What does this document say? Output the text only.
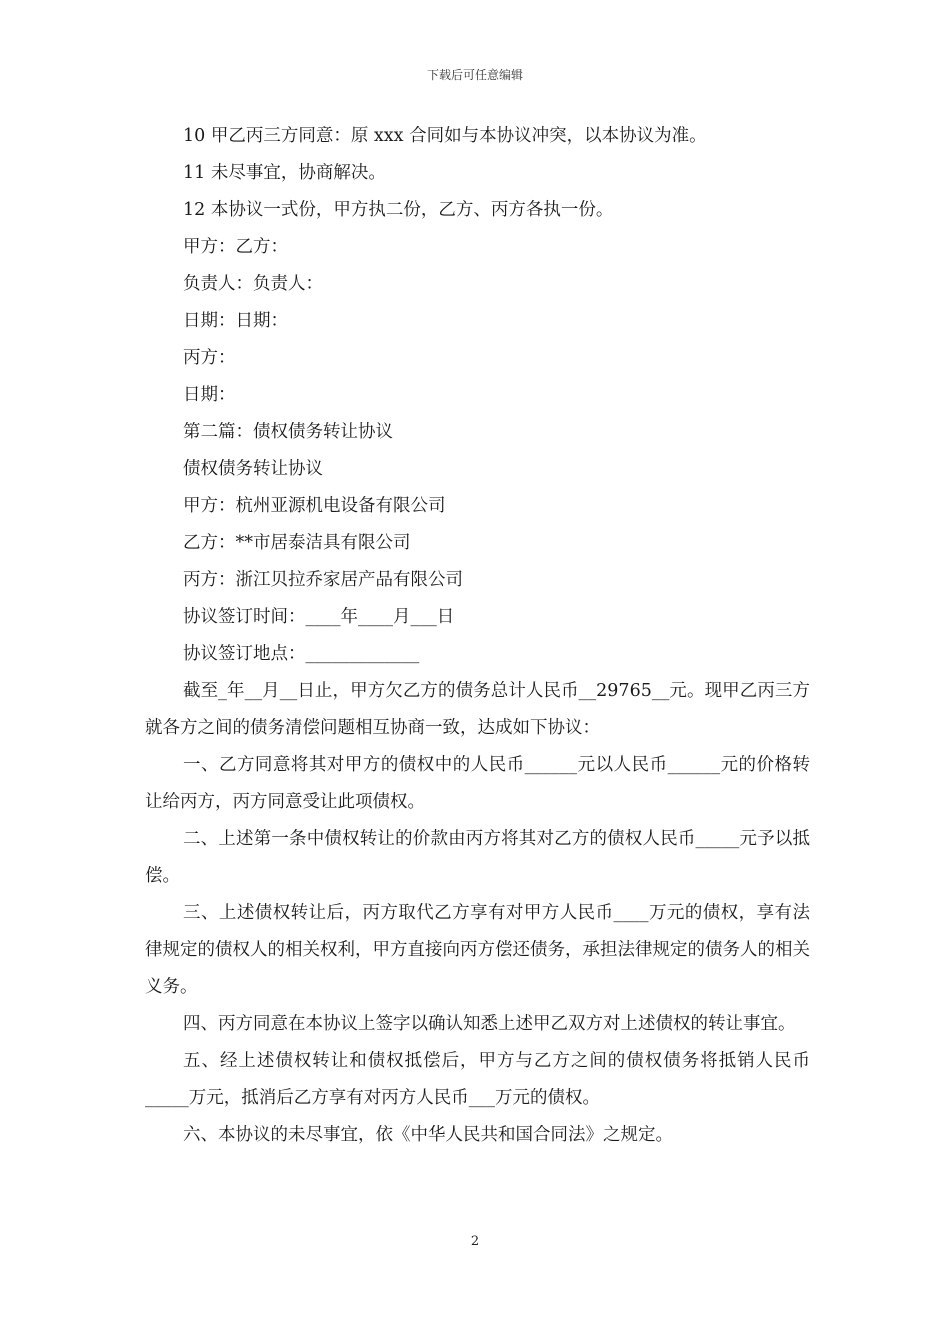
下载后可任意编辑
10 甲乙丙三方同意：原 xxx 合同如与本协议冲突，以本协议为准。
11 未尽事宜，协商解决。
12 本协议一式份，甲方执二份，乙方、丙方各执一份。
甲方：乙方：
负责人：负责人：
日期：日期：
丙方：
日期：
第二篇：债权债务转让协议
债权债务转让协议
甲方：杭州亚源机电设备有限公司
乙方：**市居泰洁具有限公司
丙方：浙江贝拉乔家居产品有限公司
协议签订时间：____年____月___日
协议签订地点：_____________

截至_年__月__日止，甲方欠乙方的债务总计人民币__29765__元。现甲乙丙三方就各方之间的债务清偿问题相互协商一致，达成如下协议：

一、乙方同意将其对甲方的债权中的人民币______元以人民币______元的价格转让给丙方，丙方同意受让此项债权。

二、上述第一条中债权转让的价款由丙方将其对乙方的债权人民币_____元予以抵偿。

三、上述债权转让后，丙方取代乙方享有对甲方人民币____万元的债权，享有法律规定的债权人的相关权利，甲方直接向丙方偿还债务，承担法律规定的债务人的相关义务。

四、丙方同意在本协议上签字以确认知悉上述甲乙双方对上述债权的转让事宜。

五、经上述债权转让和债权抵偿后，甲方与乙方之间的债权债务将抵销人民币_____万元，抵消后乙方享有对丙方人民币___万元的债权。

六、本协议的未尽事宜，依《中华人民共和国合同法》之规定。

2
